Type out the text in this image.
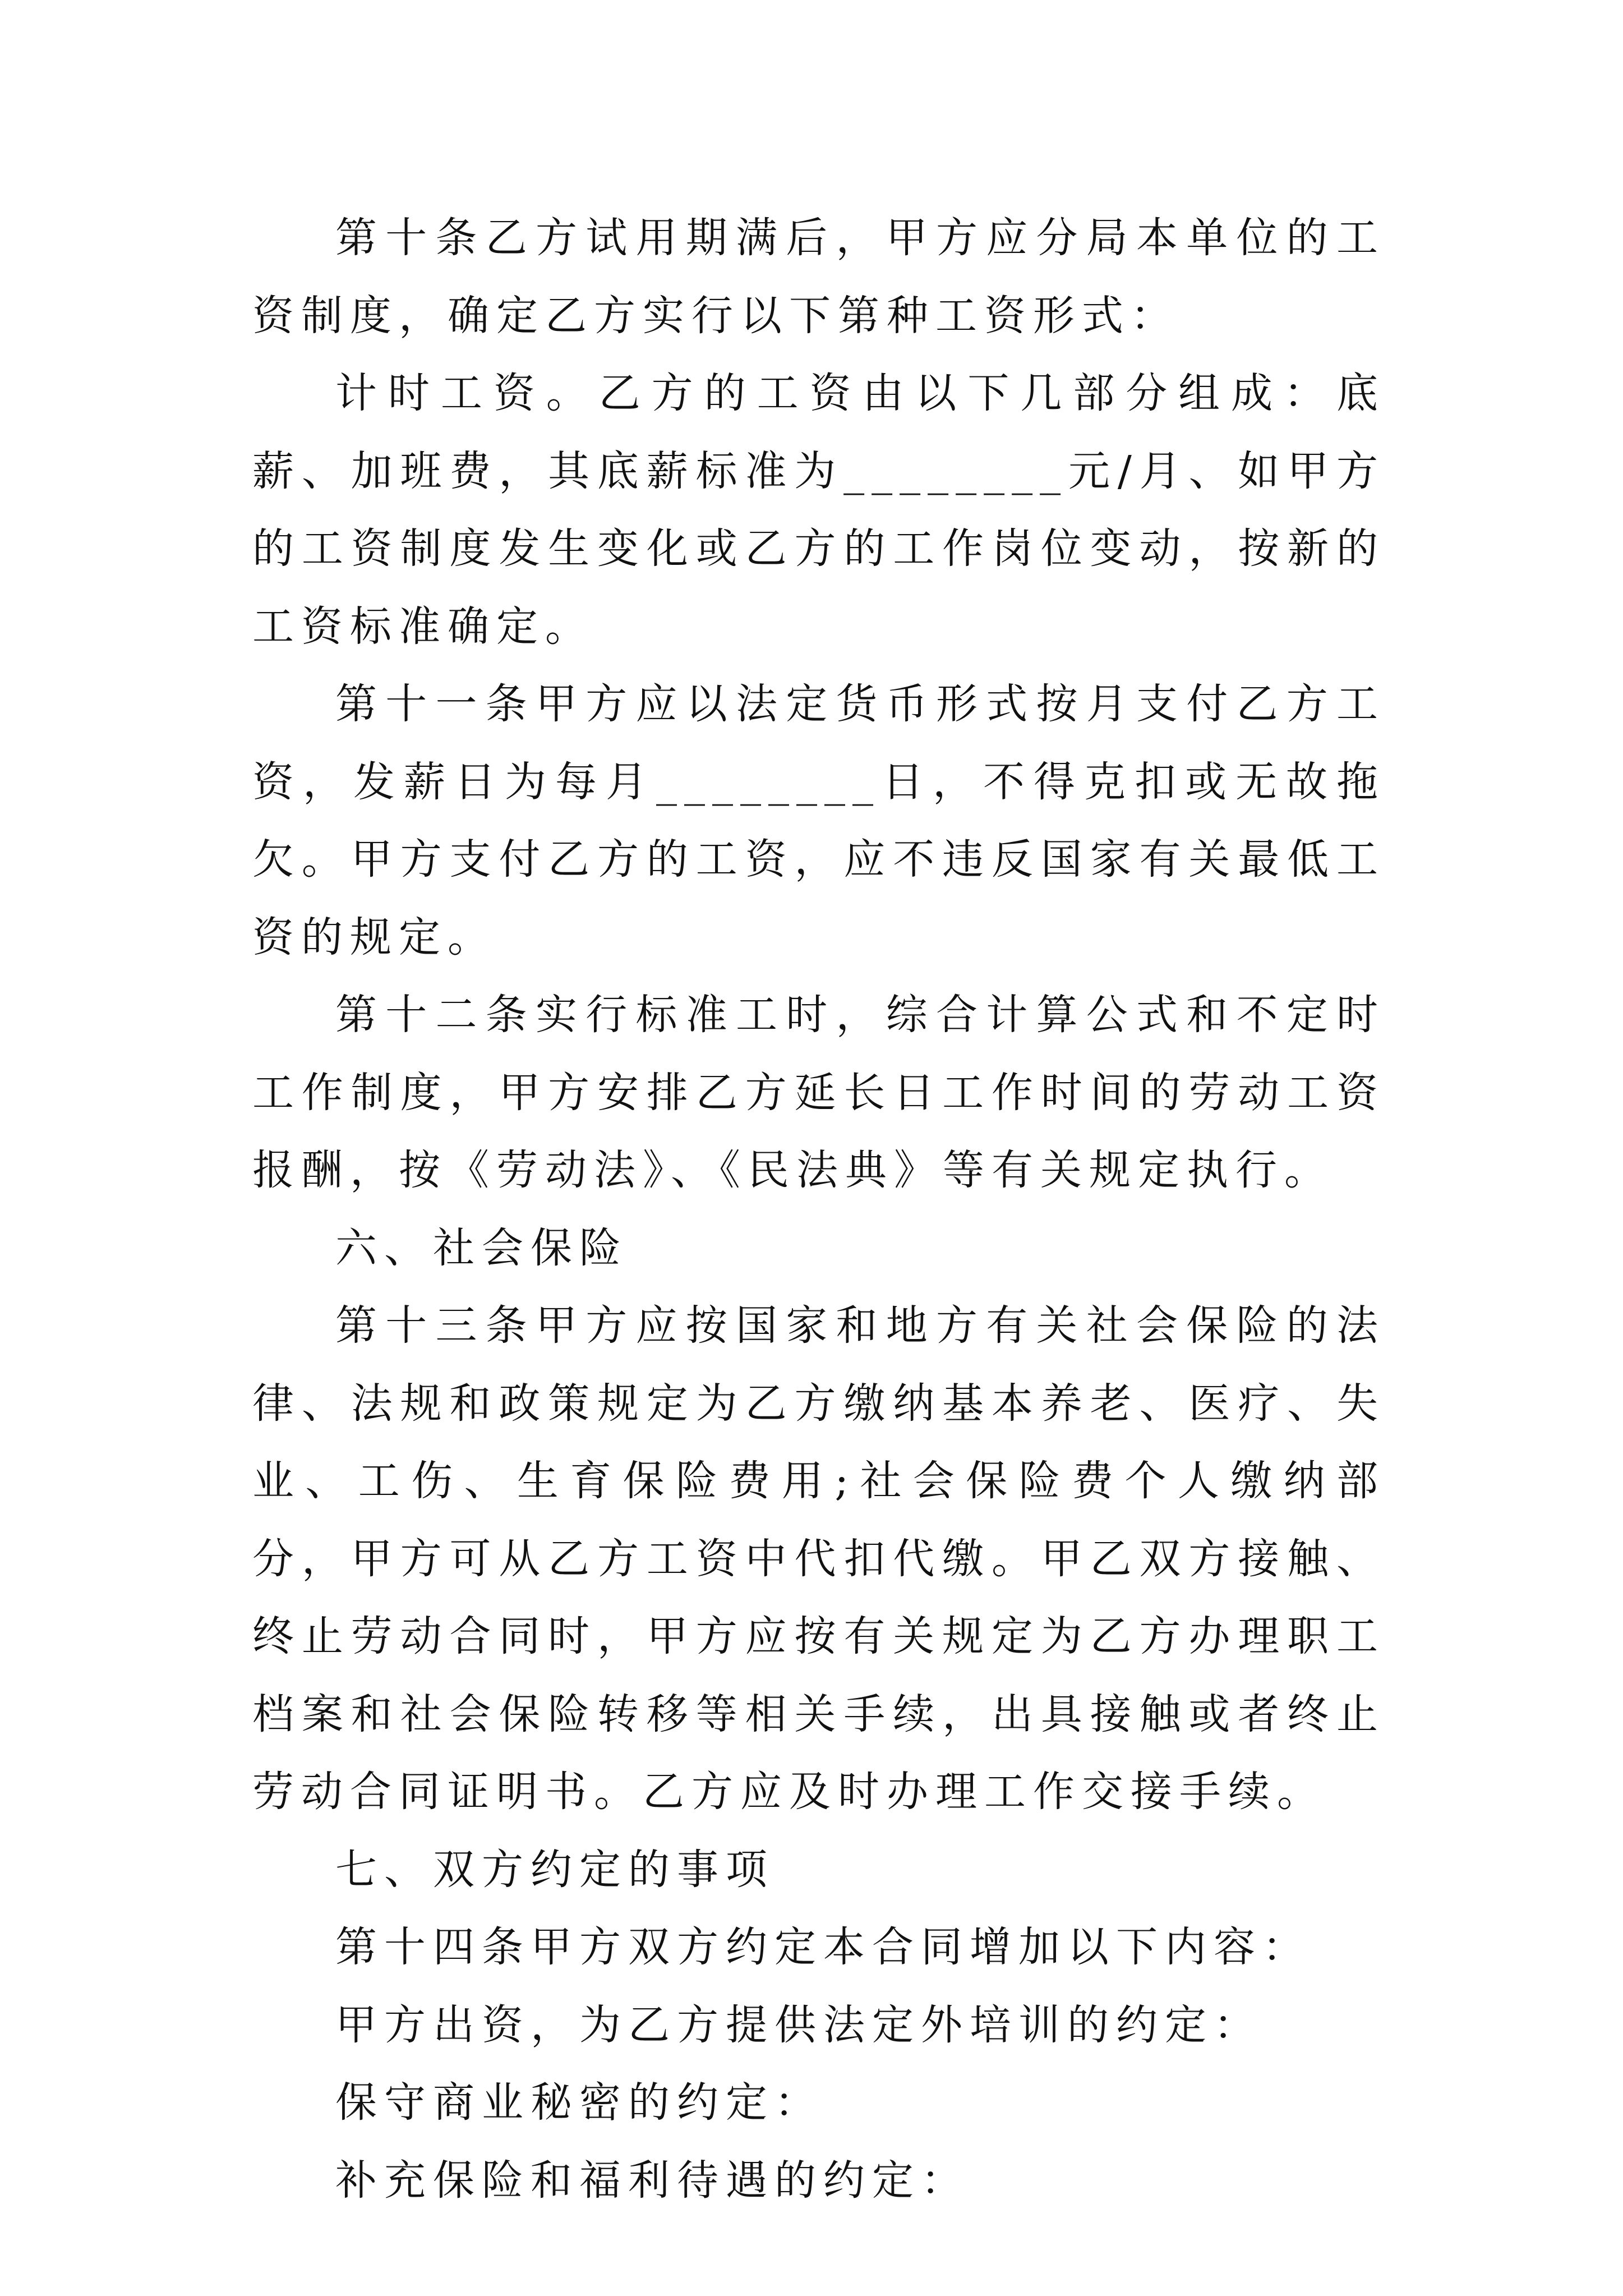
第十条乙方试用期满后，甲方应分局本单位的工资制度，确定乙方实行以下第种工资形式：

计时工资。乙方的工资由以下几部分组成：底薪、加班费，其底薪标准为________元/月、如甲方的工资制度发生变化或乙方的工作岗位变动，按新的工资标准确定。

第十一条甲方应以法定货币形式按月支付乙方工资，发薪日为每月________日，不得克扣或无故拖欠。甲方支付乙方的工资，应不违反国家有关最低工资的规定。

第十二条实行标准工时，综合计算公式和不定时工作制度，甲方安排乙方延长日工作时间的劳动工资报酬，按《劳动法》、《民法典》等有关规定执行。

六、社会保险

第十三条甲方应按国家和地方有关社会保险的法律、法规和政策规定为乙方缴纳基本养老、医疗、失业、工伤、生育保险费用;社会保险费个人缴纳部分，甲方可从乙方工资中代扣代缴。甲乙双方接触、终止劳动合同时，甲方应按有关规定为乙方办理职工档案和社会保险转移等相关手续，出具接触或者终止劳动合同证明书。乙方应及时办理工作交接手续。

七、双方约定的事项

第十四条甲方双方约定本合同增加以下内容：

甲方出资，为乙方提供法定外培训的约定：

保守商业秘密的约定：

补充保险和福利待遇的约定：
